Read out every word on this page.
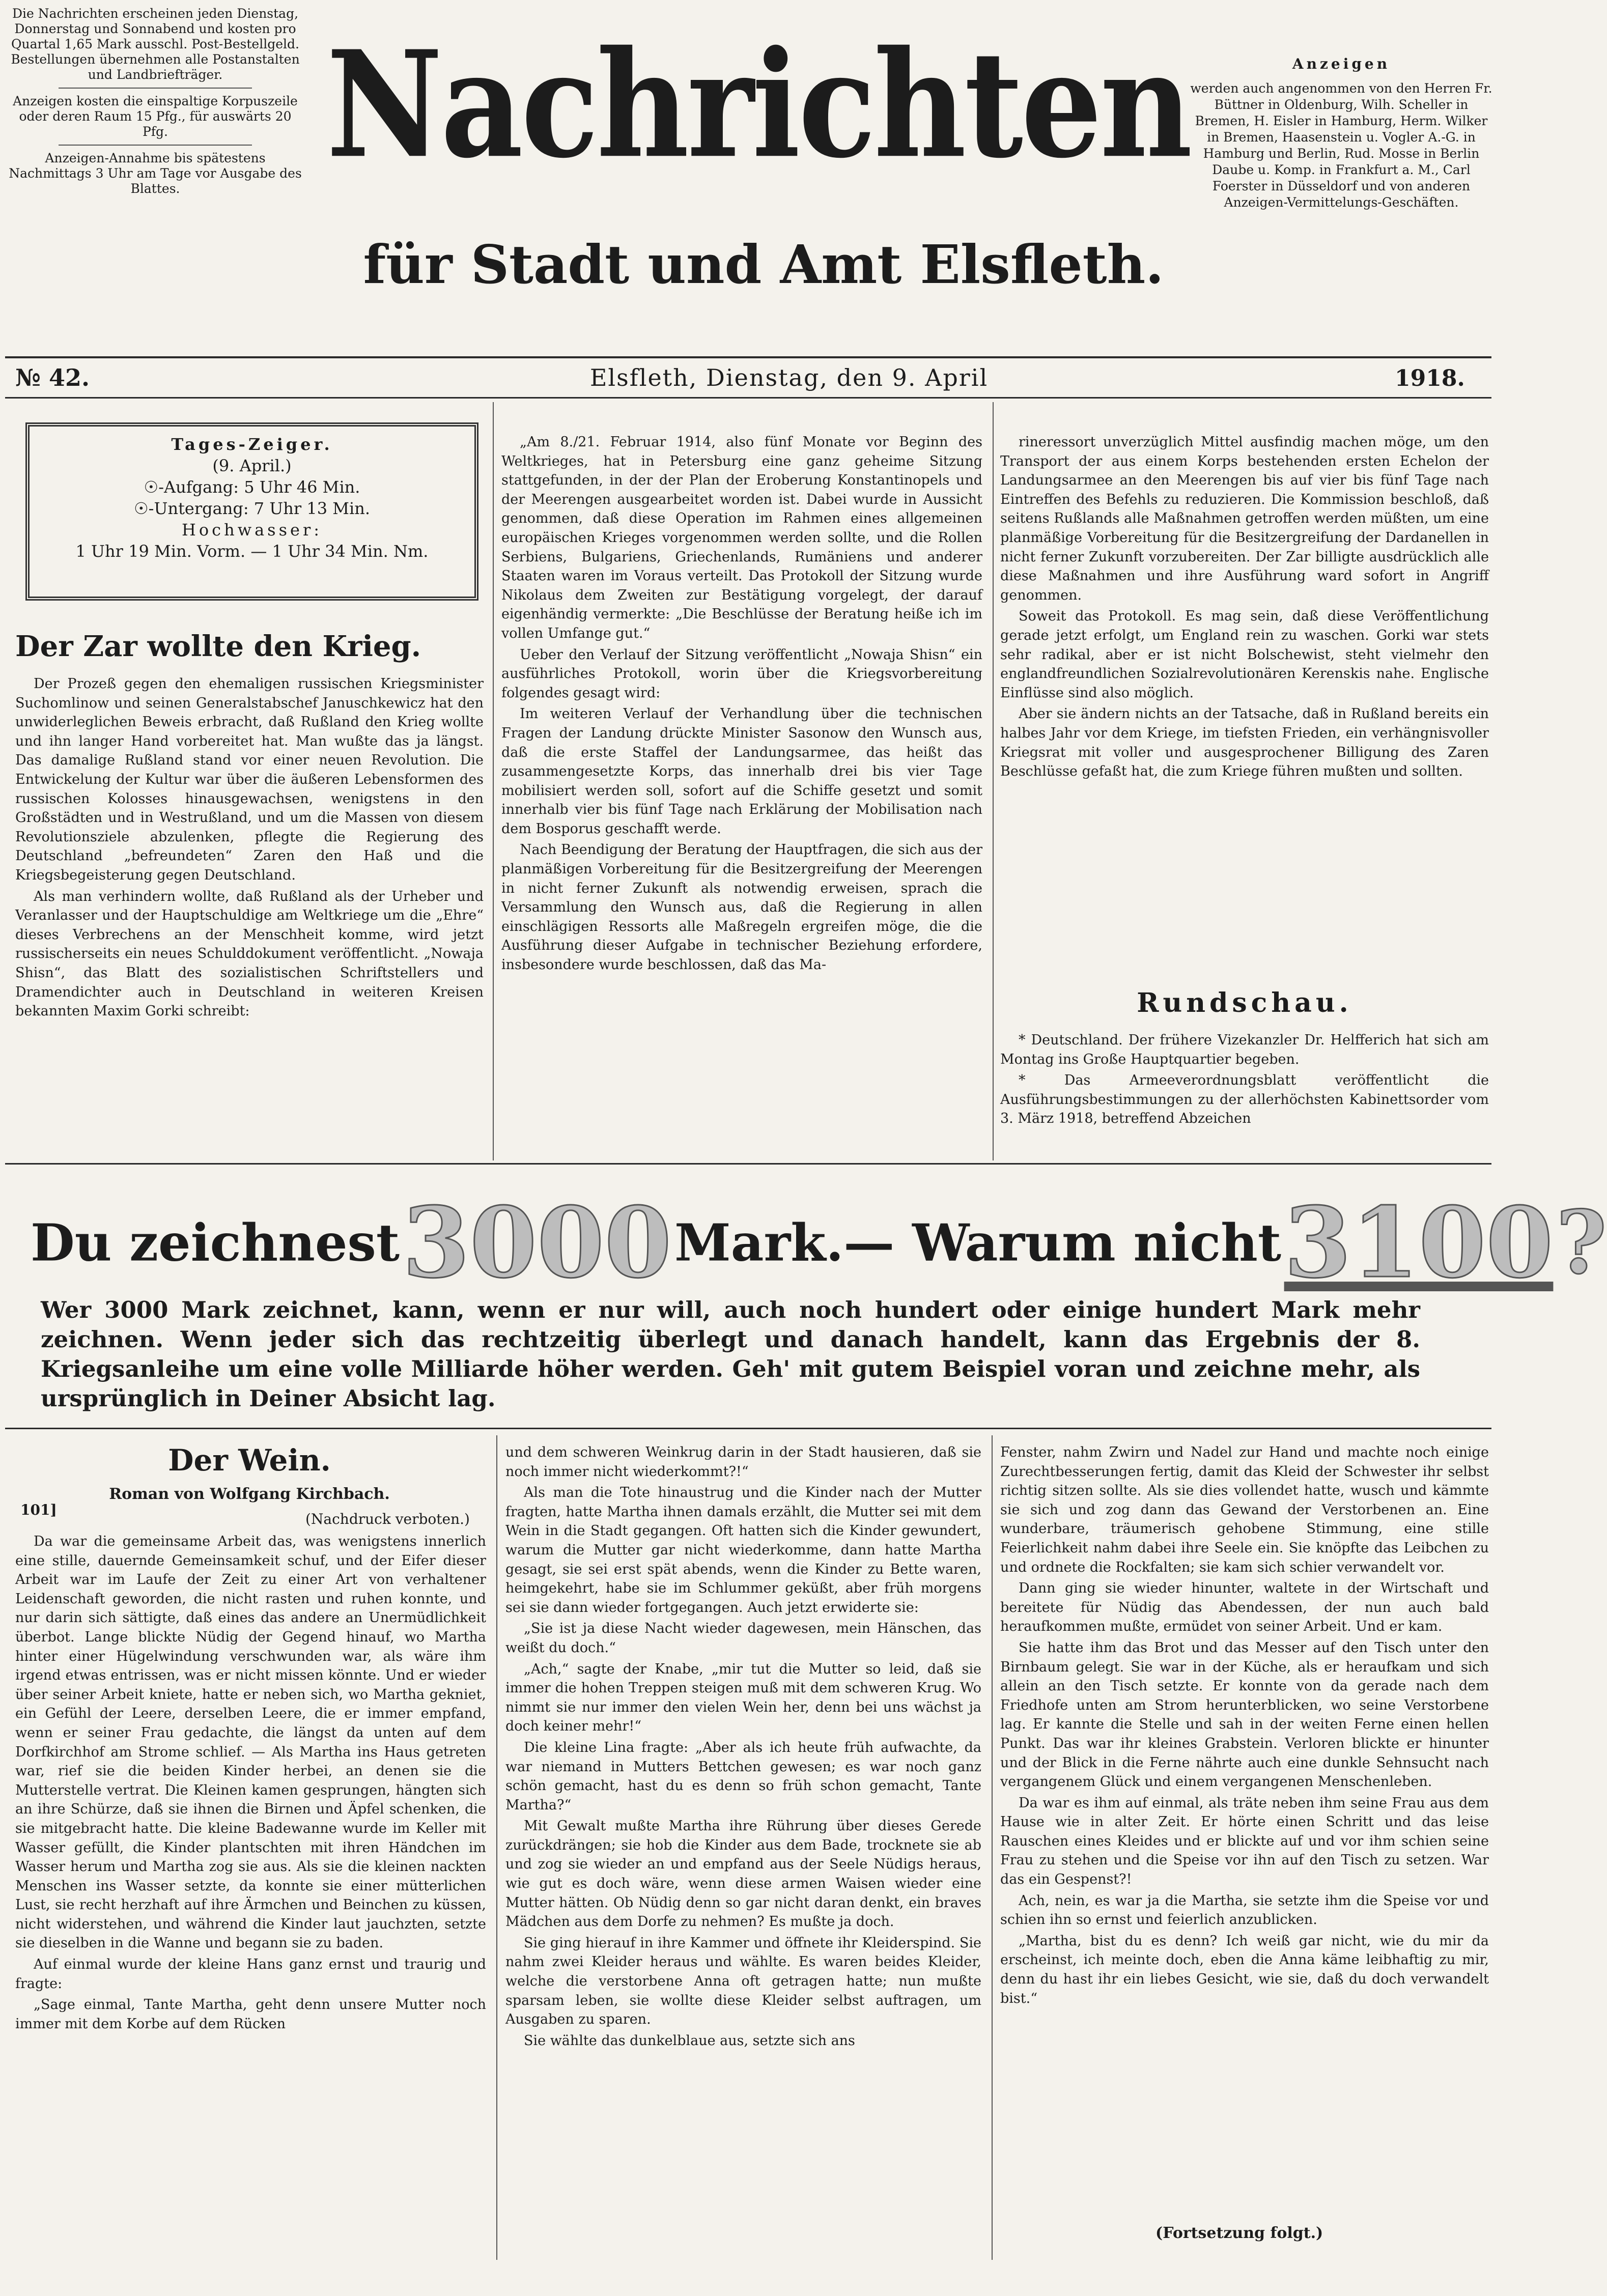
Die Nachrichten erscheinen jeden Dienstag, Donnerstag und Sonnabend und kosten pro Quartal 1,65 Mark ausschl. Post-Bestellgeld. Bestellungen übernehmen alle Postanstalten und Landbriefträger.
Anzeigen kosten die einspaltige Korpuszeile oder deren Raum 15 Pfg., für auswärts 20 Pfg.
Anzeigen-Annahme bis spätestens Nachmittags 3 Uhr am Tage vor Ausgabe des Blattes.	Nachrichten
für Stadt und Amt Elsfleth.
Anzeigen
werden auch angenommen von den Herren Fr. Büttner in Oldenburg, Wilh. Scheller in Bremen, H. Eisler in Hamburg, Herm. Wilker in Bremen, Haasenstein u. Vogler A.-G. in Hamburg und Berlin, Rud. Mosse in Berlin Daube u. Komp. in Frankfurt a. M., Carl Foerster in Düsseldorf und von anderen Anzeigen-Vermittelungs-Geschäften.
№ 42.	Elsfleth, Dienstag, den 9. April	1918.
Tages-Zeiger.
(9. April.)
☉-Aufgang: 5 Uhr 46 Min.
☉-Untergang: 7 Uhr 13 Min.
Hochwasser:
1 Uhr 19 Min. Vorm. — 1 Uhr 34 Min. Nm.
Der Zar wollte den Krieg.

Der Prozeß gegen den ehemaligen russischen Kriegsminister Suchomlinow und seinen Generalstabschef Januschkewicz hat den unwiderleglichen Beweis erbracht, daß Rußland den Krieg wollte und ihn langer Hand vorbereitet hat. Man wußte das ja längst. Das damalige Rußland stand vor einer neuen Revolution. Die Entwickelung der Kultur war über die äußeren Lebensformen des russischen Kolosses hinausgewachsen, wenigstens in den Großstädten und in Westrußland, und um die Massen von diesem Revolutionsziele abzulenken, pflegte die Regierung des Deutschland „befreundeten“ Zaren den Haß und die Kriegsbegeisterung gegen Deutschland.

Als man verhindern wollte, daß Rußland als der Urheber und Veranlasser und der Hauptschuldige am Weltkriege um die „Ehre“ dieses Verbrechens an der Menschheit komme, wird jetzt russischerseits ein neues Schulddokument veröffentlicht. „Nowaja Shisn“, das Blatt des sozialistischen Schriftstellers und Dramendichter auch in Deutschland in weiteren Kreisen bekannten Maxim Gorki schreibt:

„Am 8./21. Februar 1914, also fünf Monate vor Beginn des Weltkrieges, hat in Petersburg eine ganz geheime Sitzung stattgefunden, in der der Plan der Eroberung Konstantinopels und der Meerengen ausgearbeitet worden ist. Dabei wurde in Aussicht genommen, daß diese Operation im Rahmen eines allgemeinen europäischen Krieges vorgenommen werden sollte, und die Rollen Serbiens, Bulgariens, Griechenlands, Rumäniens und anderer Staaten waren im Voraus verteilt. Das Protokoll der Sitzung wurde Nikolaus dem Zweiten zur Bestätigung vorgelegt, der darauf eigenhändig vermerkte: „Die Beschlüsse der Beratung heiße ich im vollen Umfange gut.“

Ueber den Verlauf der Sitzung veröffentlicht „Nowaja Shisn“ ein ausführliches Protokoll, worin über die Kriegsvorbereitung folgendes gesagt wird:

Im weiteren Verlauf der Verhandlung über die technischen Fragen der Landung drückte Minister Sasonow den Wunsch aus, daß die erste Staffel der Landungsarmee, das heißt das zusammengesetzte Korps, das innerhalb drei bis vier Tage mobilisiert werden soll, sofort auf die Schiffe gesetzt und somit innerhalb vier bis fünf Tage nach Erklärung der Mobilisation nach dem Bosporus geschafft werde.

Nach Beendigung der Beratung der Hauptfragen, die sich aus der planmäßigen Vorbereitung für die Besitzergreifung der Meerengen in nicht ferner Zukunft als notwendig erweisen, sprach die Versammlung den Wunsch aus, daß die Regierung in allen einschlägigen Ressorts alle Maßregeln ergreifen möge, die die Ausführung dieser Aufgabe in technischer Beziehung erfordere, insbesondere wurde beschlossen, daß das Ma-

rineressort unverzüglich Mittel ausfindig machen möge, um den Transport der aus einem Korps bestehenden ersten Echelon der Landungsarmee an den Meerengen bis auf vier bis fünf Tage nach Eintreffen des Befehls zu reduzieren. Die Kommission beschloß, daß seitens Rußlands alle Maßnahmen getroffen werden müßten, um eine planmäßige Vorbereitung für die Besitzergreifung der Dardanellen in nicht ferner Zukunft vorzubereiten. Der Zar billigte ausdrücklich alle diese Maßnahmen und ihre Ausführung ward sofort in Angriff genommen.

Soweit das Protokoll. Es mag sein, daß diese Veröffentlichung gerade jetzt erfolgt, um England rein zu waschen. Gorki war stets sehr radikal, aber er ist nicht Bolschewist, steht vielmehr den englandfreundlichen Sozialrevolutionären Kerenskis nahe. Englische Einflüsse sind also möglich.

Aber sie ändern nichts an der Tatsache, daß in Rußland bereits ein halbes Jahr vor dem Kriege, im tiefsten Frieden, ein verhängnisvoller Kriegsrat mit voller und ausgesprochener Billigung des Zaren Beschlüsse gefaßt hat, die zum Kriege führen mußten und sollten.

Rundschau.

* Deutschland. Der frühere Vizekanzler Dr. Helfferich hat sich am Montag ins Große Hauptquartier begeben.

* Das Armeeverordnungsblatt veröffentlicht die Ausführungsbestimmungen zu der allerhöchsten Kabinettsorder vom 3. März 1918, betreffend Abzeichen

Du zeichnest 3000 Mark.— Warum nicht 3100 ?
Wer 3000 Mark zeichnet, kann, wenn er nur will, auch noch hundert oder einige hundert Mark mehr zeichnen. Wenn jeder sich das rechtzeitig überlegt und danach handelt, kann das Ergebnis der 8. Kriegsanleihe um eine volle Milliarde höher werden. Geh' mit gutem Beispiel voran und zeichne mehr, als ursprünglich in Deiner Absicht lag.
Der Wein.
Roman von Wolfgang Kirchbach.
101]
(Nachdruck verboten.)

Da war die gemeinsame Arbeit das, was wenigstens innerlich eine stille, dauernde Gemeinsamkeit schuf, und der Eifer dieser Arbeit war im Laufe der Zeit zu einer Art von verhaltener Leidenschaft geworden, die nicht rasten und ruhen konnte, und nur darin sich sättigte, daß eines das andere an Unermüdlichkeit überbot. Lange blickte Nüdig der Gegend hinauf, wo Martha hinter einer Hügelwindung verschwunden war, als wäre ihm irgend etwas entrissen, was er nicht missen könnte. Und er wieder über seiner Arbeit kniete, hatte er neben sich, wo Martha gekniet, ein Gefühl der Leere, derselben Leere, die er immer empfand, wenn er seiner Frau gedachte, die längst da unten auf dem Dorfkirchhof am Strome schlief. — Als Martha ins Haus getreten war, rief sie die beiden Kinder herbei, an denen sie die Mutterstelle vertrat. Die Kleinen kamen gesprungen, hängten sich an ihre Schürze, daß sie ihnen die Birnen und Äpfel schenken, die sie mitgebracht hatte. Die kleine Badewanne wurde im Keller mit Wasser gefüllt, die Kinder plantschten mit ihren Händchen im Wasser herum und Martha zog sie aus. Als sie die kleinen nackten Menschen ins Wasser setzte, da konnte sie einer mütterlichen Lust, sie recht herzhaft auf ihre Ärmchen und Beinchen zu küssen, nicht widerstehen, und während die Kinder laut jauchzten, setzte sie dieselben in die Wanne und begann sie zu baden.

Auf einmal wurde der kleine Hans ganz ernst und traurig und fragte:

„Sage einmal, Tante Martha, geht denn unsere Mutter noch immer mit dem Korbe auf dem Rücken

und dem schweren Weinkrug darin in der Stadt hausieren, daß sie noch immer nicht wiederkommt?!“

Als man die Tote hinaustrug und die Kinder nach der Mutter fragten, hatte Martha ihnen damals erzählt, die Mutter sei mit dem Wein in die Stadt gegangen. Oft hatten sich die Kinder gewundert, warum die Mutter gar nicht wiederkomme, dann hatte Martha gesagt, sie sei erst spät abends, wenn die Kinder zu Bette waren, heimgekehrt, habe sie im Schlummer geküßt, aber früh morgens sei sie dann wieder fortgegangen. Auch jetzt erwiderte sie:

„Sie ist ja diese Nacht wieder dagewesen, mein Hänschen, das weißt du doch.“

„Ach,“ sagte der Knabe, „mir tut die Mutter so leid, daß sie immer die hohen Treppen steigen muß mit dem schweren Krug. Wo nimmt sie nur immer den vielen Wein her, denn bei uns wächst ja doch keiner mehr!“

Die kleine Lina fragte: „Aber als ich heute früh aufwachte, da war niemand in Mutters Bettchen gewesen; es war noch ganz schön gemacht, hast du es denn so früh schon gemacht, Tante Martha?“

Mit Gewalt mußte Martha ihre Rührung über dieses Gerede zurückdrängen; sie hob die Kinder aus dem Bade, trocknete sie ab und zog sie wieder an und empfand aus der Seele Nüdigs heraus, wie gut es doch wäre, wenn diese armen Waisen wieder eine Mutter hätten. Ob Nüdig denn so gar nicht daran denkt, ein braves Mädchen aus dem Dorfe zu nehmen? Es mußte ja doch.

Sie ging hierauf in ihre Kammer und öffnete ihr Kleiderspind. Sie nahm zwei Kleider heraus und wählte. Es waren beides Kleider, welche die verstorbene Anna oft getragen hatte; nun mußte sparsam leben, sie wollte diese Kleider selbst auftragen, um Ausgaben zu sparen.

Sie wählte das dunkelblaue aus, setzte sich ans

Fenster, nahm Zwirn und Nadel zur Hand und machte noch einige Zurechtbesserungen fertig, damit das Kleid der Schwester ihr selbst richtig sitzen sollte. Als sie dies vollendet hatte, wusch und kämmte sie sich und zog dann das Gewand der Verstorbenen an. Eine wunderbare, träumerisch gehobene Stimmung, eine stille Feierlichkeit nahm dabei ihre Seele ein. Sie knöpfte das Leibchen zu und ordnete die Rockfalten; sie kam sich schier verwandelt vor.

Dann ging sie wieder hinunter, waltete in der Wirtschaft und bereitete für Nüdig das Abendessen, der nun auch bald heraufkommen mußte, ermüdet von seiner Arbeit. Und er kam.

Sie hatte ihm das Brot und das Messer auf den Tisch unter den Birnbaum gelegt. Sie war in der Küche, als er heraufkam und sich allein an den Tisch setzte. Er konnte von da gerade nach dem Friedhofe unten am Strom herunterblicken, wo seine Verstorbene lag. Er kannte die Stelle und sah in der weiten Ferne einen hellen Punkt. Das war ihr kleines Grabstein. Verloren blickte er hinunter und der Blick in die Ferne nährte auch eine dunkle Sehnsucht nach vergangenem Glück und einem vergangenen Menschenleben.

Da war es ihm auf einmal, als träte neben ihm seine Frau aus dem Hause wie in alter Zeit. Er hörte einen Schritt und das leise Rauschen eines Kleides und er blickte auf und vor ihm schien seine Frau zu stehen und die Speise vor ihn auf den Tisch zu setzen. War das ein Gespenst?!

Ach, nein, es war ja die Martha, sie setzte ihm die Speise vor und schien ihn so ernst und feierlich anzublicken.

„Martha, bist du es denn? Ich weiß gar nicht, wie du mir da erscheinst, ich meinte doch, eben die Anna käme leibhaftig zu mir, denn du hast ihr ein liebes Gesicht, wie sie, daß du doch verwandelt bist.“

(Fortsetzung folgt.)
